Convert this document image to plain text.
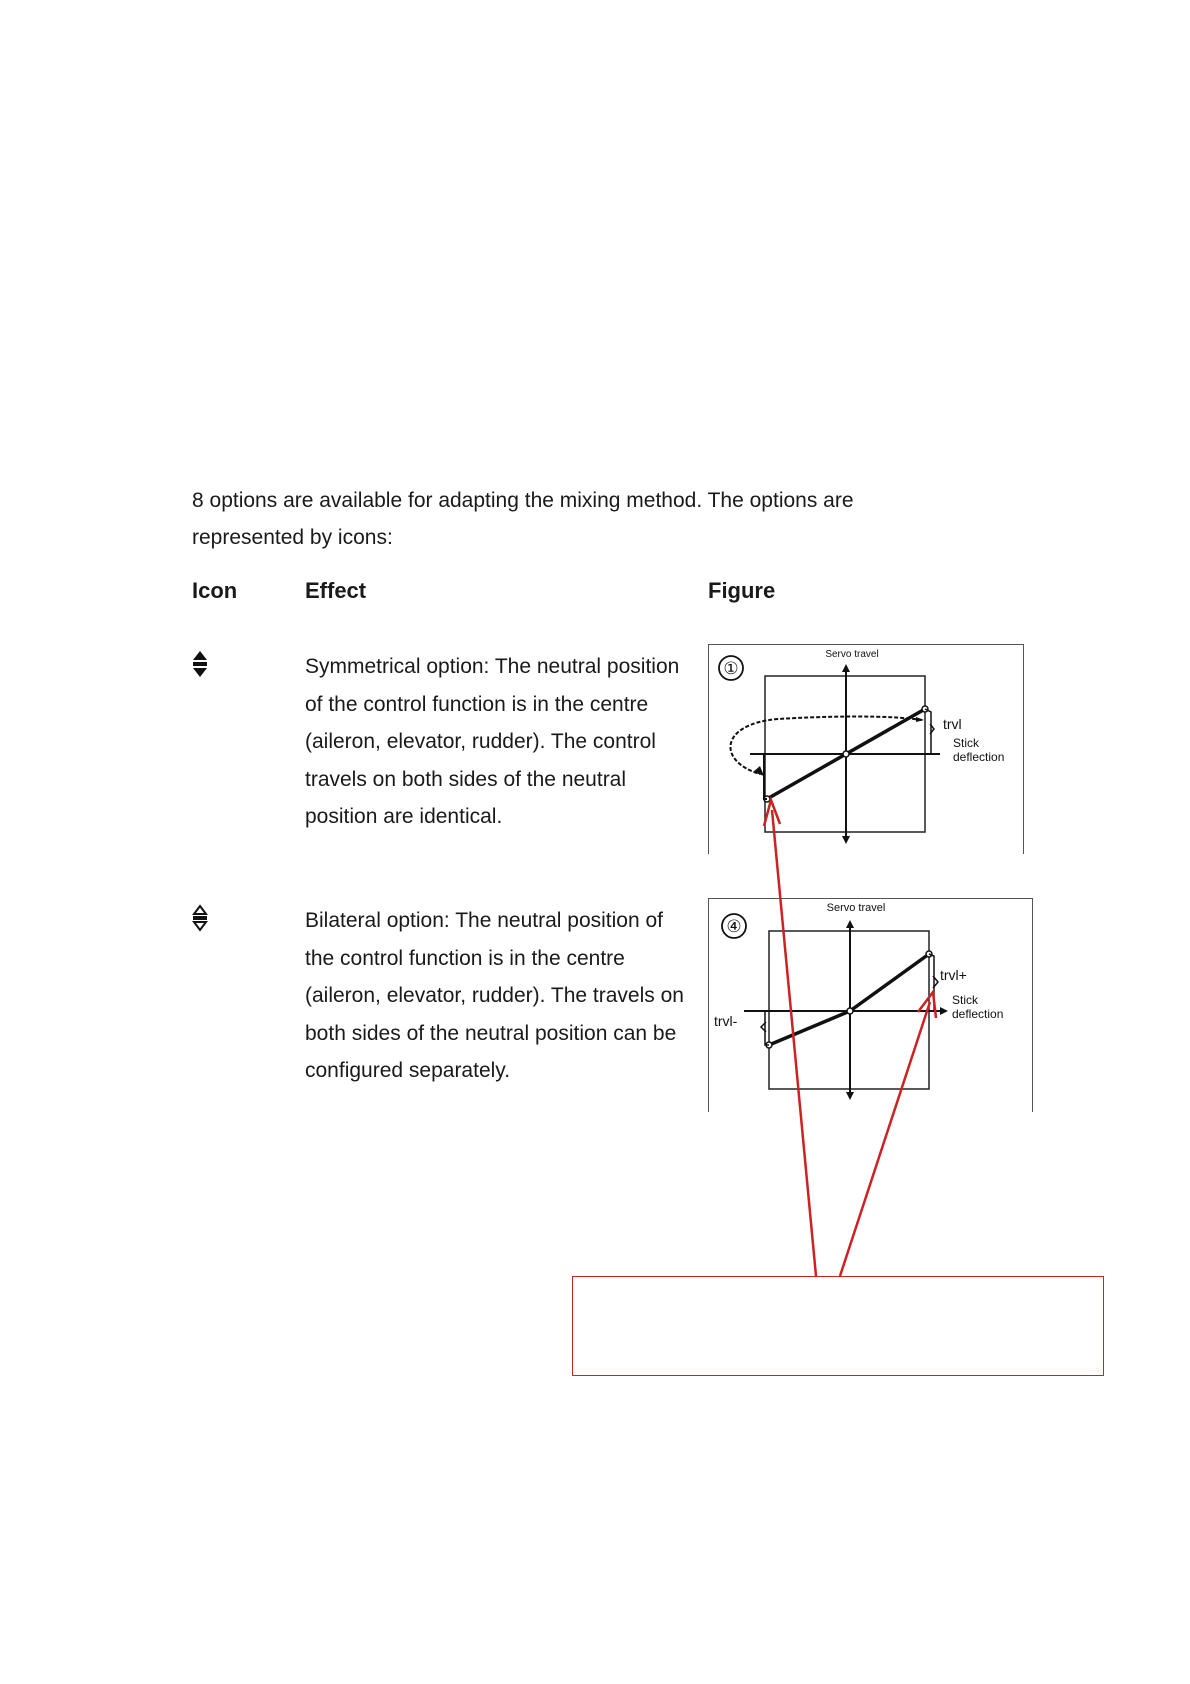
8 options are available for adapting the mixing method. The options are represented by icons:

Icon	Effect	Figure

Symmetrical option: The neutral position of the control function is in the centre (aileron, elevator, rudder). The control travels on both sides of the neutral position are identical.

①
Servo travel
trvl
Stick
deflection

Bilateral option: The neutral position of the control function is in the centre (aileron, elevator, rudder). The travels on both sides of the neutral position can be configured separately.

④
Servo travel
trvl+
trvl-
Stick
deflection
